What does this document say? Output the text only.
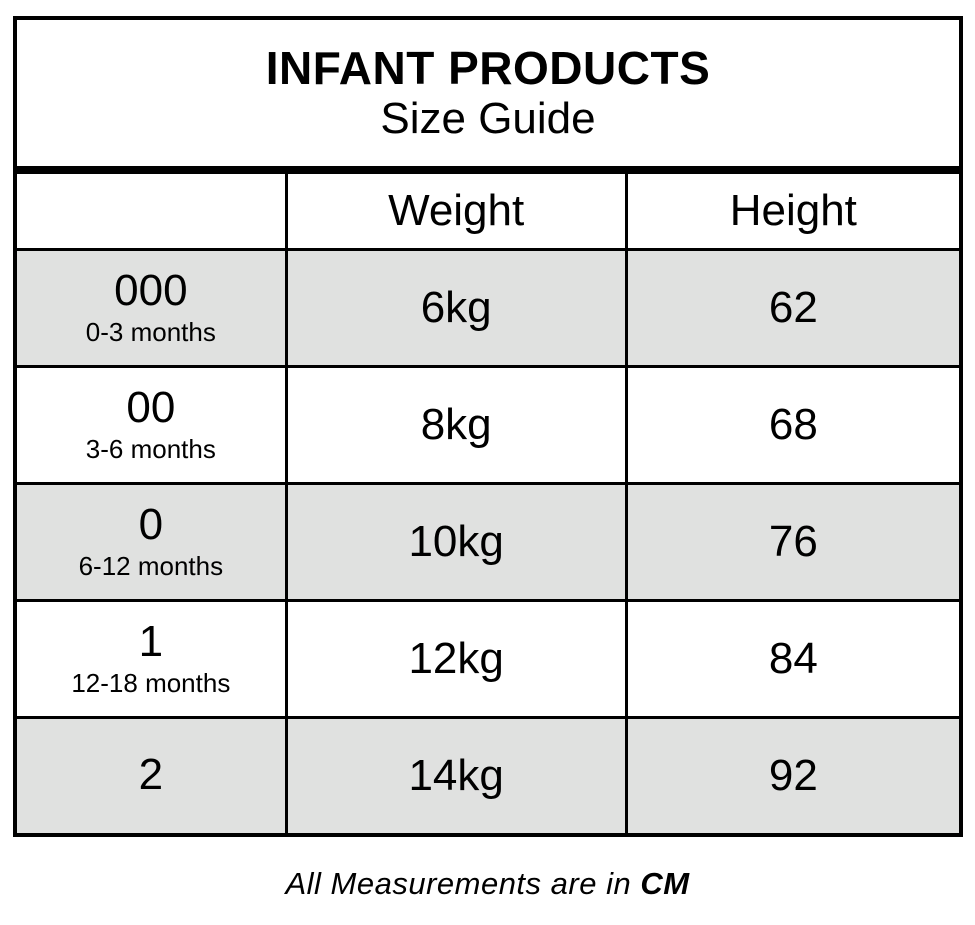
INFANT PRODUCTS
Size Guide
	Weight	Height

000
0-3 months	6kg	62

00
3-6 months	8kg	68

0
6-12 months	10kg	76

1
12-18 months	12kg	84

2	14kg	92
All Measurements are in CM
